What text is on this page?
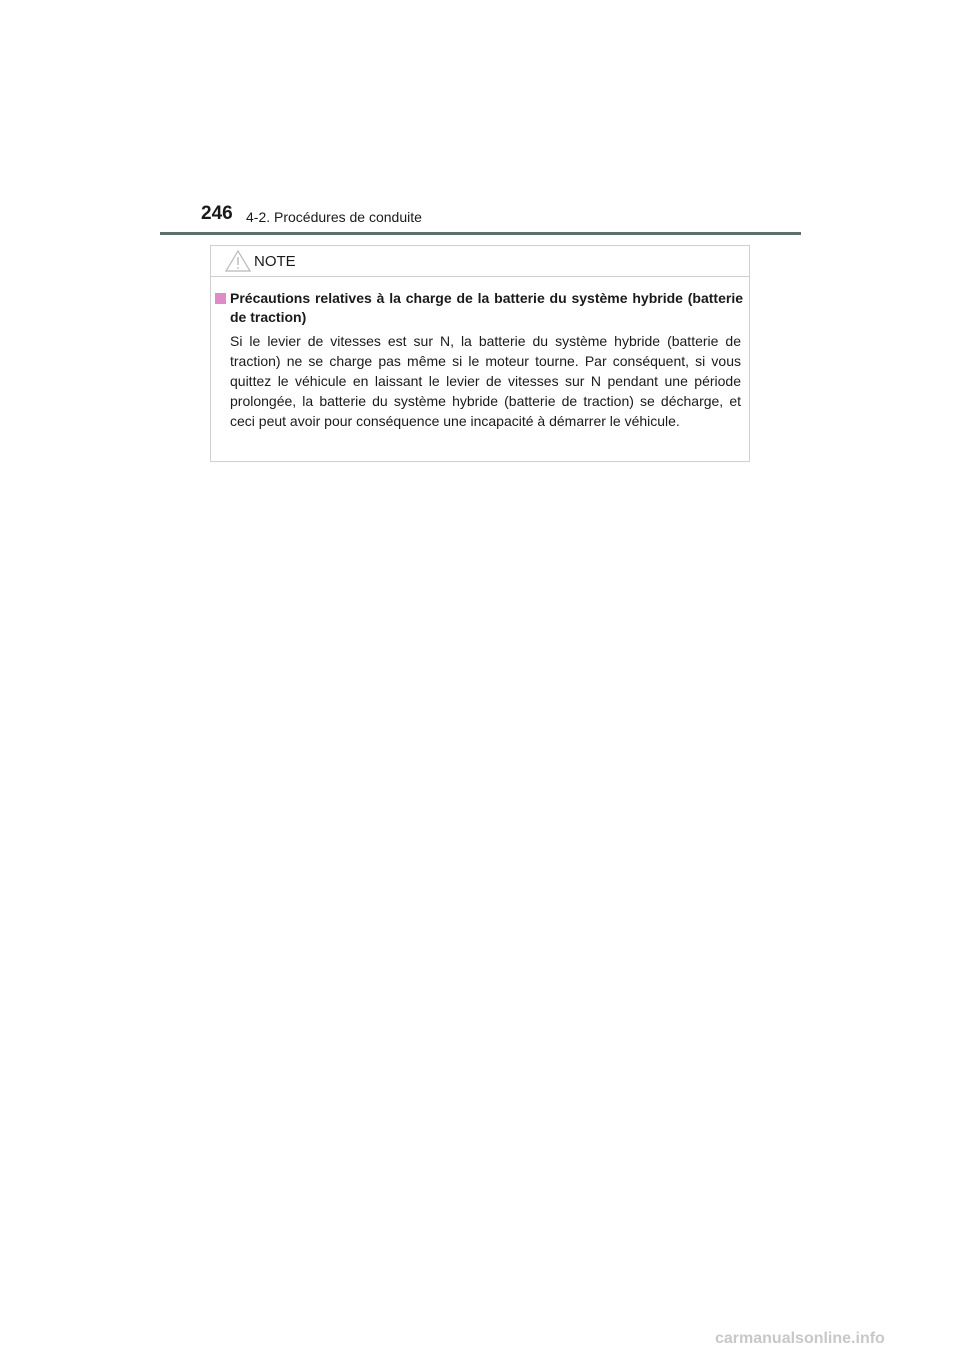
246 4-2. Procédures de conduite
NOTE
Précautions relatives à la charge de la batterie du système hybride (batterie de traction)
Si le levier de vitesses est sur N, la batterie du système hybride (batterie de traction) ne se charge pas même si le moteur tourne. Par conséquent, si vous quittez le véhicule en laissant le levier de vitesses sur N pendant une période prolongée, la batterie du système hybride (batterie de traction) se décharge, et ceci peut avoir pour conséquence une incapacité à démarrer le véhicule.
carmanualsonline.info
